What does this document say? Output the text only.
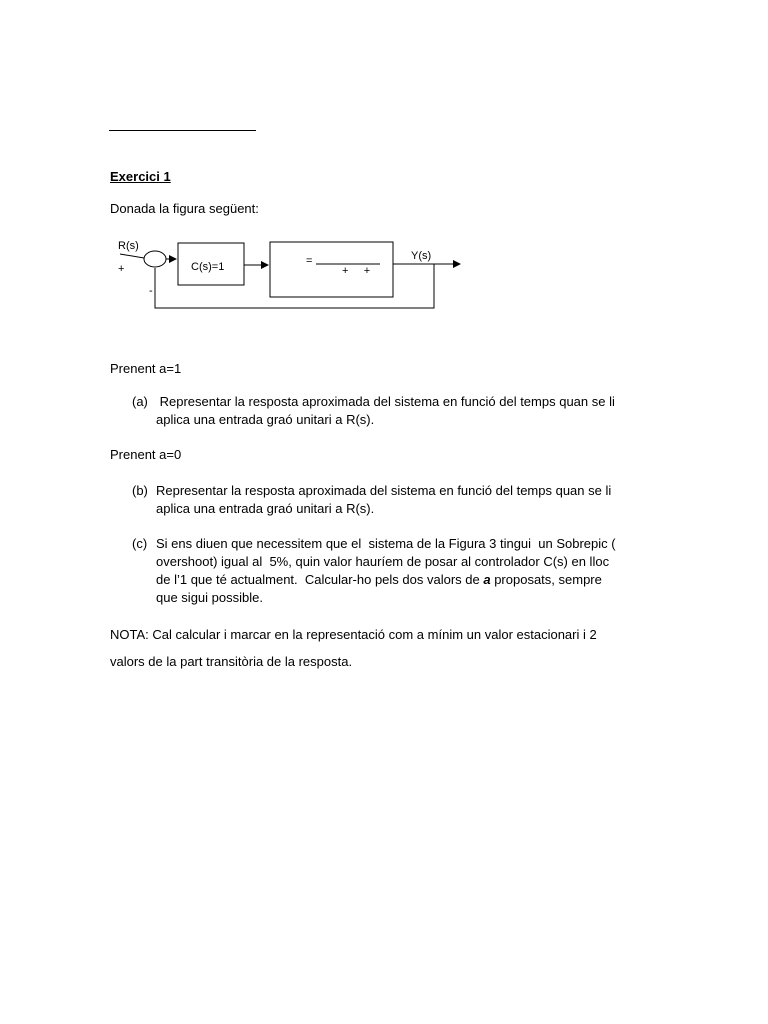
Exercici 1
Donada la figura següent:
R(s)
+
-
C(s)=1	=
+     +
Y(s)
Prenent a=1
(a) Representar la resposta aproximada del sistema en funció del temps quan se li
aplica una entrada graó unitari a R(s).
Prenent a=0
(b) Representar la resposta aproximada del sistema en funció del temps quan se li
aplica una entrada graó unitari a R(s).
(c) Si ens diuen que necessitem que el  sistema de la Figura 3 tingui  un Sobrepic (
overshoot) igual al  5%, quin valor hauríem de posar al controlador C(s) en lloc
de l’1 que té actualment.  Calcular-ho pels dos valors de a proposats, sempre
que sigui possible.
NOTA: Cal calcular i marcar en la representació com a mínim un valor estacionari i 2
valors de la part transitòria de la resposta.
